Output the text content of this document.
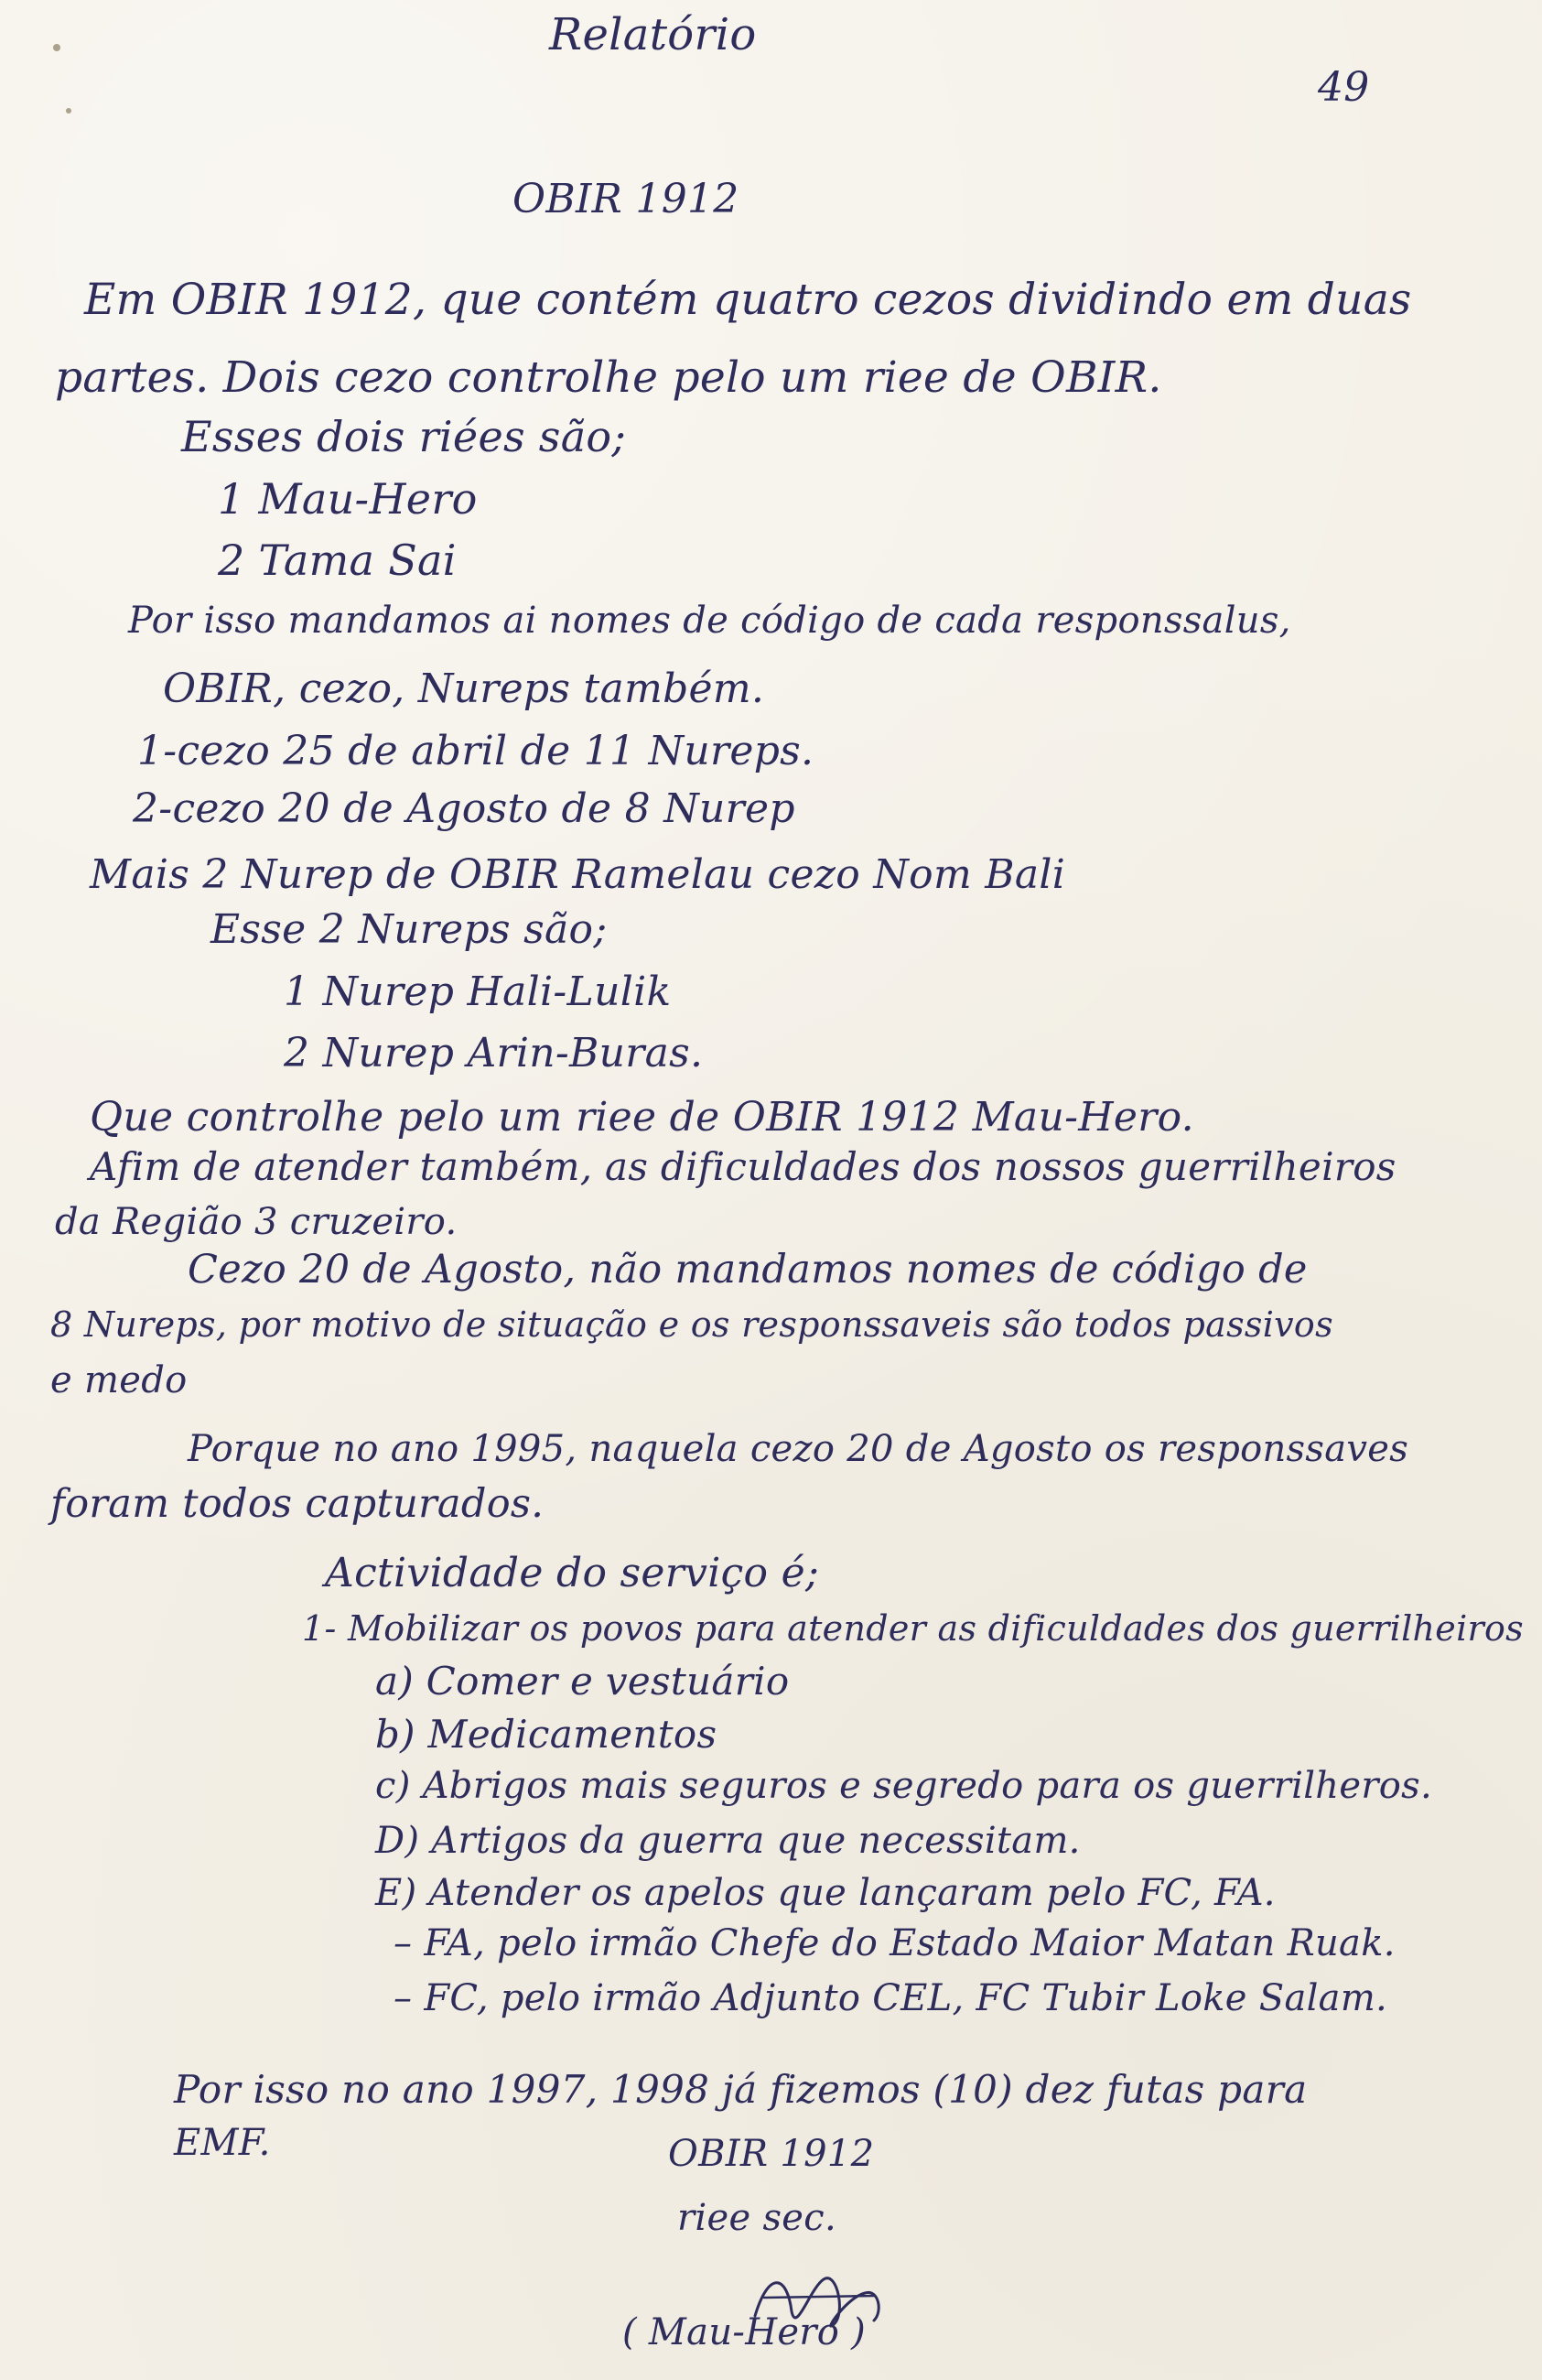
Relatório
49
OBIR 1912
Em OBIR 1912, que contém quatro cezos dividindo em duas
partes. Dois cezo controlhe pelo um riee de OBIR.
Esses dois riées são;
1 Mau-Hero
2 Tama Sai
Por isso mandamos ai nomes de código de cada responssalus,
OBIR, cezo, Nureps também.
1-cezo 25 de abril de 11 Nureps.
2-cezo 20 de Agosto de 8 Nurep
Mais 2 Nurep de OBIR Ramelau cezo Nom Bali
Esse 2 Nureps são;
1 Nurep Hali-Lulik
2 Nurep Arin-Buras.
Que controlhe pelo um riee de OBIR 1912 Mau-Hero.
Afim de atender também, as dificuldades dos nossos guerrilheiros
da Região 3 cruzeiro.
Cezo 20 de Agosto, não mandamos nomes de código de
8 Nureps, por motivo de situação e os responssaveis são todos passivos
e medo
Porque no ano 1995, naquela cezo 20 de Agosto os responssaves
foram todos capturados.
Actividade do serviço é;
1- Mobilizar os povos para atender as dificuldades dos guerrilheiros
a) Comer e vestuário
b) Medicamentos
c) Abrigos mais seguros e segredo para os guerrilheros.
D) Artigos da guerra que necessitam.
E) Atender os apelos que lançaram pelo FC, FA.
– FA, pelo irmão Chefe do Estado Maior Matan Ruak.
– FC, pelo irmão Adjunto CEL, FC Tubir Loke Salam.
Por isso no ano 1997, 1998 já fizemos (10) dez futas para
EMF.	OBIR 1912
riee sec.
( Mau-Hero )
